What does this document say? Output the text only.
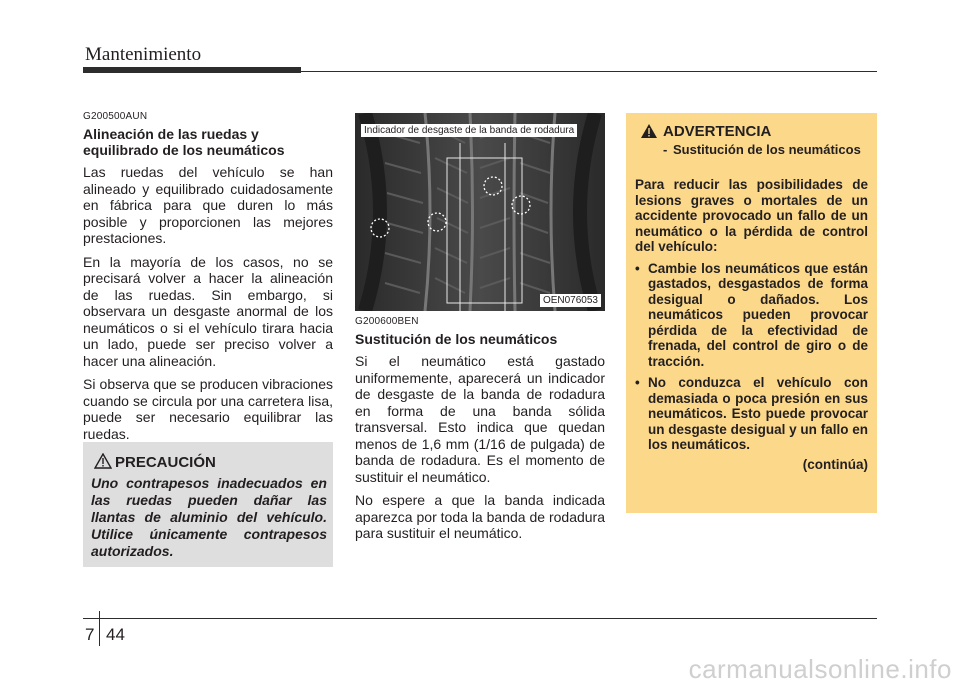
Mantenimiento
G200500AUN
Alineación de las ruedas y equilibrado de los neumáticos

Las ruedas del vehículo se han alineado y equilibrado cuidadosamente en fábrica para que duren lo más posible y proporcionen las mejores prestaciones.

En la mayoría de los casos, no se precisará volver a hacer la alineación de las ruedas. Sin embargo, si observara un desgaste anormal de los neumáticos o si el vehículo tirara hacia un lado, puede ser preciso volver a hacer una alineación.

Si observa que se producen vibraciones cuando se circula por una carretera lisa, puede ser necesario equilibrar las ruedas.

PRECAUCIÓN
Uno contrapesos inadecuados en las ruedas pueden dañar las llantas de aluminio del vehículo. Utilice únicamente contrapesos autorizados.
Indicador de desgaste de la banda de rodadura
OEN076053
G200600BEN
Sustitución de los neumáticos

Si el neumático está gastado uniformemente, aparecerá un indicador de desgaste de la banda de rodadura en forma de una banda sólida transversal. Esto indica que quedan menos de 1,6 mm (1/16 de pulgada) de banda de rodadura. Es el momento de sustituir el neumático.

No espere a que la banda indicada aparezca por toda la banda de rodadura para sustituir el neumático.

ADVERTENCIA
- Sustitución de los neumáticos
Para reducir las posibilidades de lesions graves o mortales de un accidente provocado un fallo de un neumático o la pérdida de control del vehículo:
• Cambie los neumáticos que están gastados, desgastados de forma desigual o dañados. Los neumáticos pueden provocar pérdida de la efectividad de frenada, del control de giro o de tracción.
• No conduzca el vehículo con demasiada o poca presión en sus neumáticos. Esto puede provocar un desgaste desigual y un fallo en los neumáticos.
(continúa)
7 44
carmanualsonline.info
